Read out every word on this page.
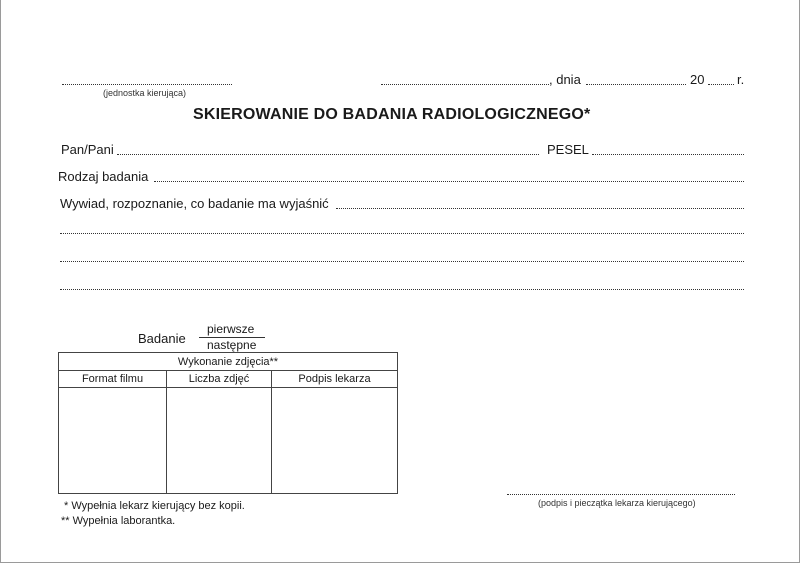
(jednostka kierująca)
, dnia	20	r.
SKIEROWANIE DO BADANIA RADIOLOGICZNEGO*
Pan/Pani	PESEL
Rodzaj badania
Wywiad, rozpoznanie, co badanie ma wyjaśnić
Badanie
pierwsze
następne
Wykonanie zdjęcia**		
Format filmu	Liczba zdjęć	Podpis lekarza

(podpis i pieczątka lekarza kierującego)
* Wypełnia lekarz kierujący bez kopii.
** Wypełnia laborantka.
